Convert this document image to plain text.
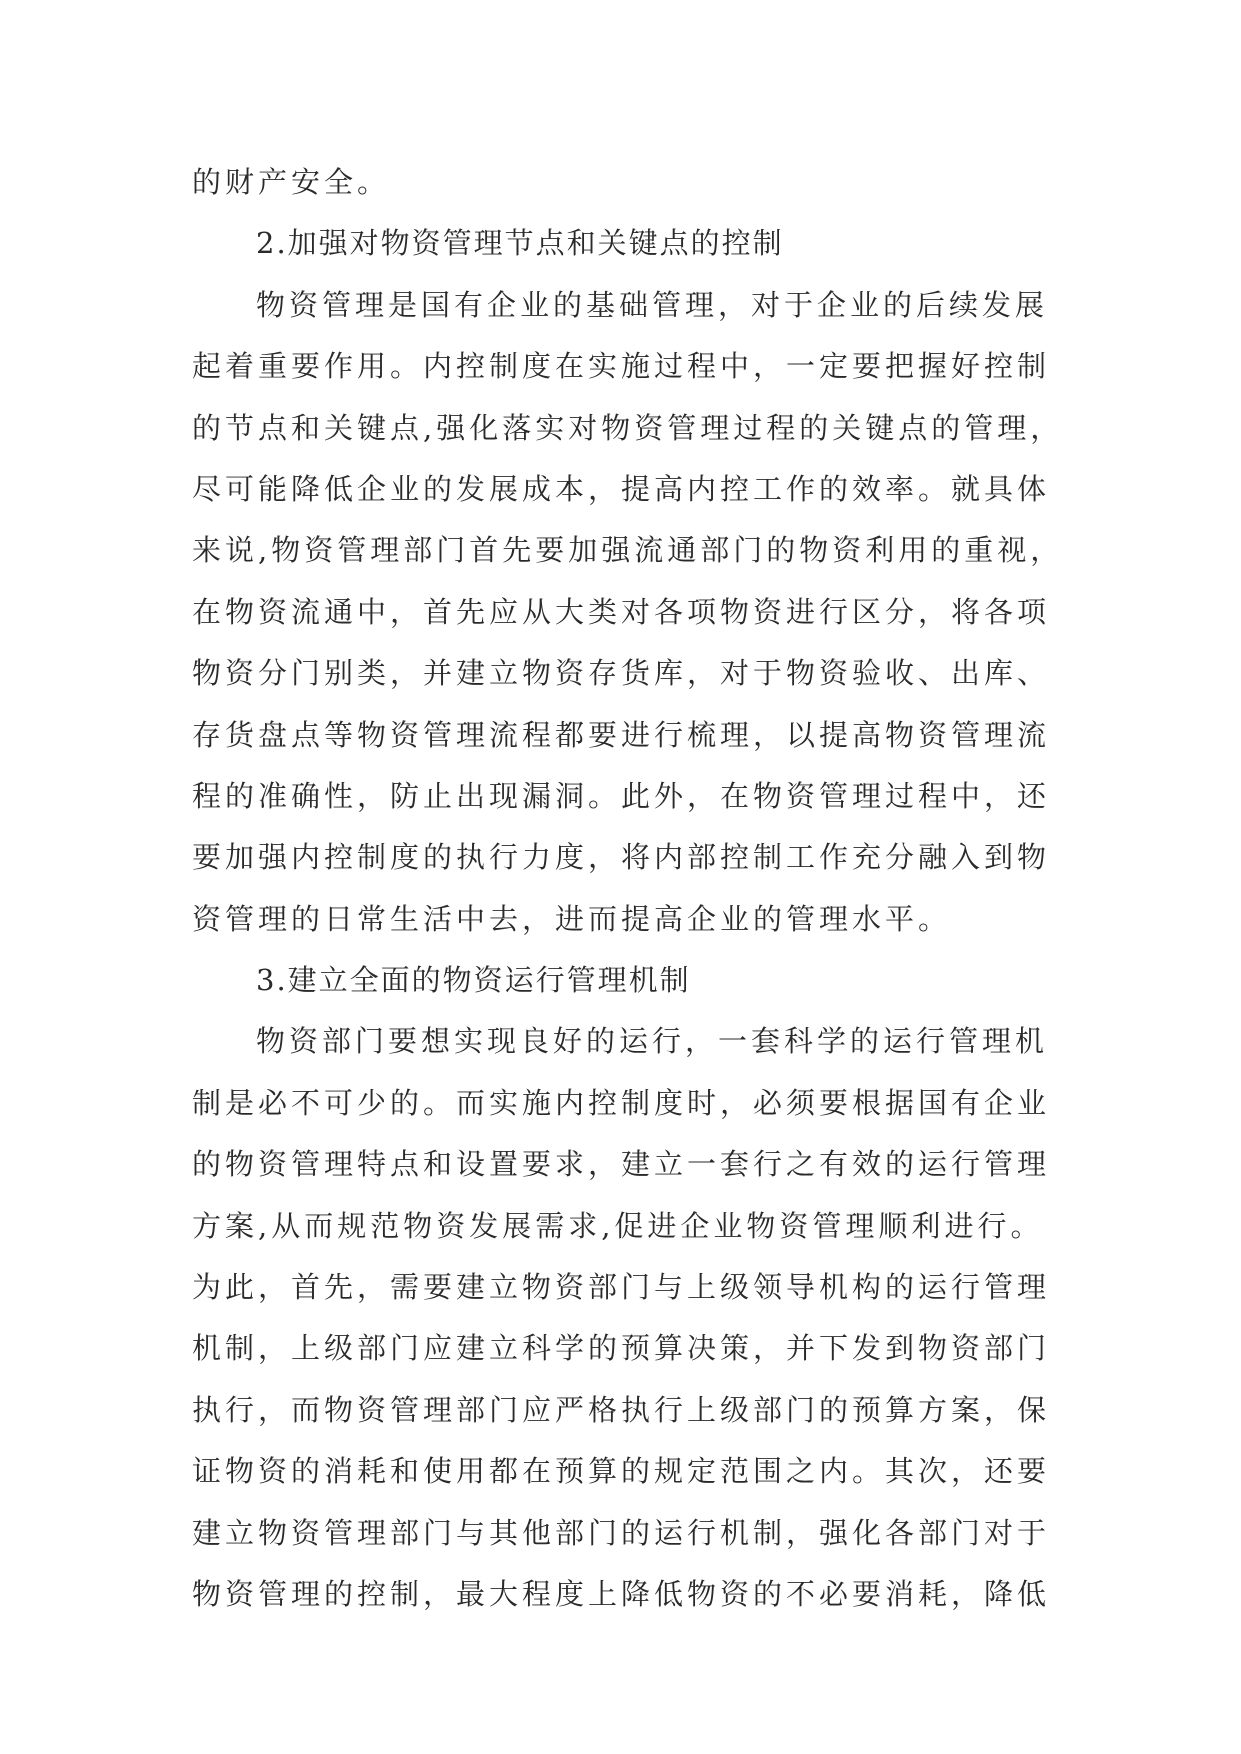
的财产安全。
2.加强对物资管理节点和关键点的控制
物资管理是国有企业的基础管理，对于企业的后续发展
起着重要作用。内控制度在实施过程中，一定要把握好控制
的节点和关键点,强化落实对物资管理过程的关键点的管理，
尽可能降低企业的发展成本，提高内控工作的效率。就具体
来说,物资管理部门首先要加强流通部门的物资利用的重视，
在物资流通中，首先应从大类对各项物资进行区分，将各项
物资分门别类，并建立物资存货库，对于物资验收、出库、
存货盘点等物资管理流程都要进行梳理，以提高物资管理流
程的准确性，防止出现漏洞。此外，在物资管理过程中，还
要加强内控制度的执行力度，将内部控制工作充分融入到物
资管理的日常生活中去，进而提高企业的管理水平。
3.建立全面的物资运行管理机制
物资部门要想实现良好的运行，一套科学的运行管理机
制是必不可少的。而实施内控制度时，必须要根据国有企业
的物资管理特点和设置要求，建立一套行之有效的运行管理
方案,从而规范物资发展需求,促进企业物资管理顺利进行。
为此，首先，需要建立物资部门与上级领导机构的运行管理
机制，上级部门应建立科学的预算决策，并下发到物资部门
执行，而物资管理部门应严格执行上级部门的预算方案，保
证物资的消耗和使用都在预算的规定范围之内。其次，还要
建立物资管理部门与其他部门的运行机制，强化各部门对于
物资管理的控制，最大程度上降低物资的不必要消耗，降低
